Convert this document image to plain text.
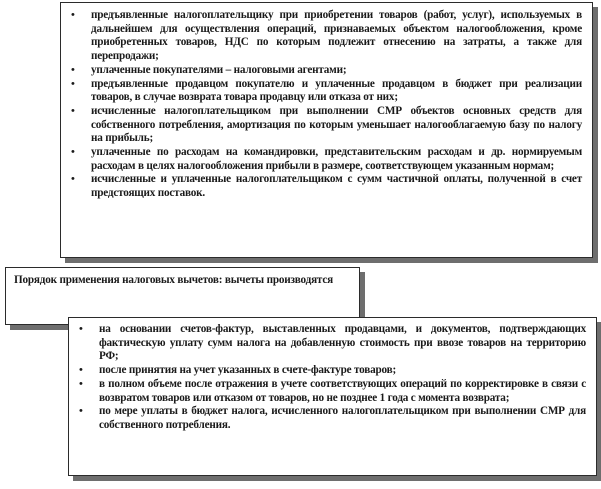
• предъявленные налогоплательщику при приобретении товаров (работ, услуг), используемых в дальнейшем для осуществления операций, признаваемых объектом налогообложения, кроме приобретенных товаров, НДС по которым подлежит отнесению на затраты, а также для перепродажи;
• уплаченные покупателями – налоговыми агентами;
• предъявленные продавцом покупателю и уплаченные продавцом в бюджет при реализации товаров, в случае возврата товара продавцу или отказа от них;
• исчисленные налогоплательщиком при выполнении СМР объектов основных средств для собственного потребления, амортизация по которым уменьшает налогооблагаемую базу по налогу на прибыль;
• уплаченные по расходам на командировки, представительским расходам и др. нормируемым расходам в целях налогообложения прибыли в размере, соответствующем указанным нормам;
• исчисленные и уплаченные налогоплательщиком с сумм частичной оплаты, полученной в счет предстоящих поставок.
Порядок применения налоговых вычетов: вычеты производятся
• на основании счетов-фактур, выставленных продавцами, и документов, подтверждающих фактическую уплату сумм налога на добавленную стоимость при ввозе товаров на территорию РФ;
• после принятия на учет указанных в счете-фактуре товаров;
• в полном объеме после отражения в учете соответствующих операций по корректировке в связи с возвратом товаров или отказом от товаров, но не позднее 1 года с момента возврата;
• по мере уплаты в бюджет налога, исчисленного налогоплательщиком при выполнении СМР для собственного потребления.
